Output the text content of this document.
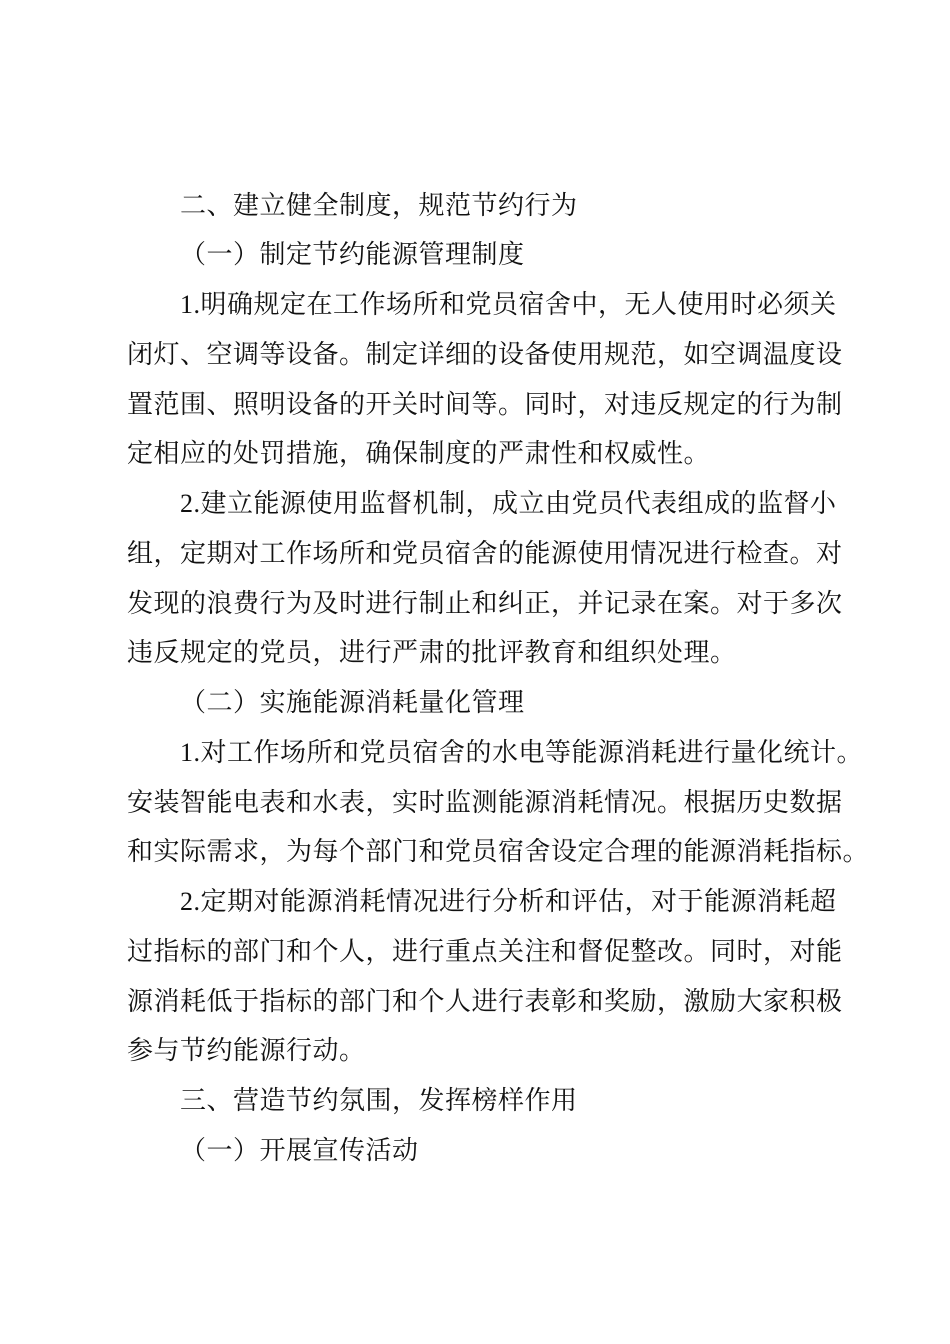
二、建立健全制度，规范节约行为
（一）制定节约能源管理制度
1.明确规定在工作场所和党员宿舍中，无人使用时必须关
闭灯、空调等设备。制定详细的设备使用规范，如空调温度设
置范围、照明设备的开关时间等。同时，对违反规定的行为制
定相应的处罚措施，确保制度的严肃性和权威性。
2.建立能源使用监督机制，成立由党员代表组成的监督小
组，定期对工作场所和党员宿舍的能源使用情况进行检查。对
发现的浪费行为及时进行制止和纠正，并记录在案。对于多次
违反规定的党员，进行严肃的批评教育和组织处理。
（二）实施能源消耗量化管理
1.对工作场所和党员宿舍的水电等能源消耗进行量化统计。
安装智能电表和水表，实时监测能源消耗情况。根据历史数据
和实际需求，为每个部门和党员宿舍设定合理的能源消耗指标。
2.定期对能源消耗情况进行分析和评估，对于能源消耗超
过指标的部门和个人，进行重点关注和督促整改。同时，对能
源消耗低于指标的部门和个人进行表彰和奖励，激励大家积极
参与节约能源行动。
三、营造节约氛围，发挥榜样作用
（一）开展宣传活动
